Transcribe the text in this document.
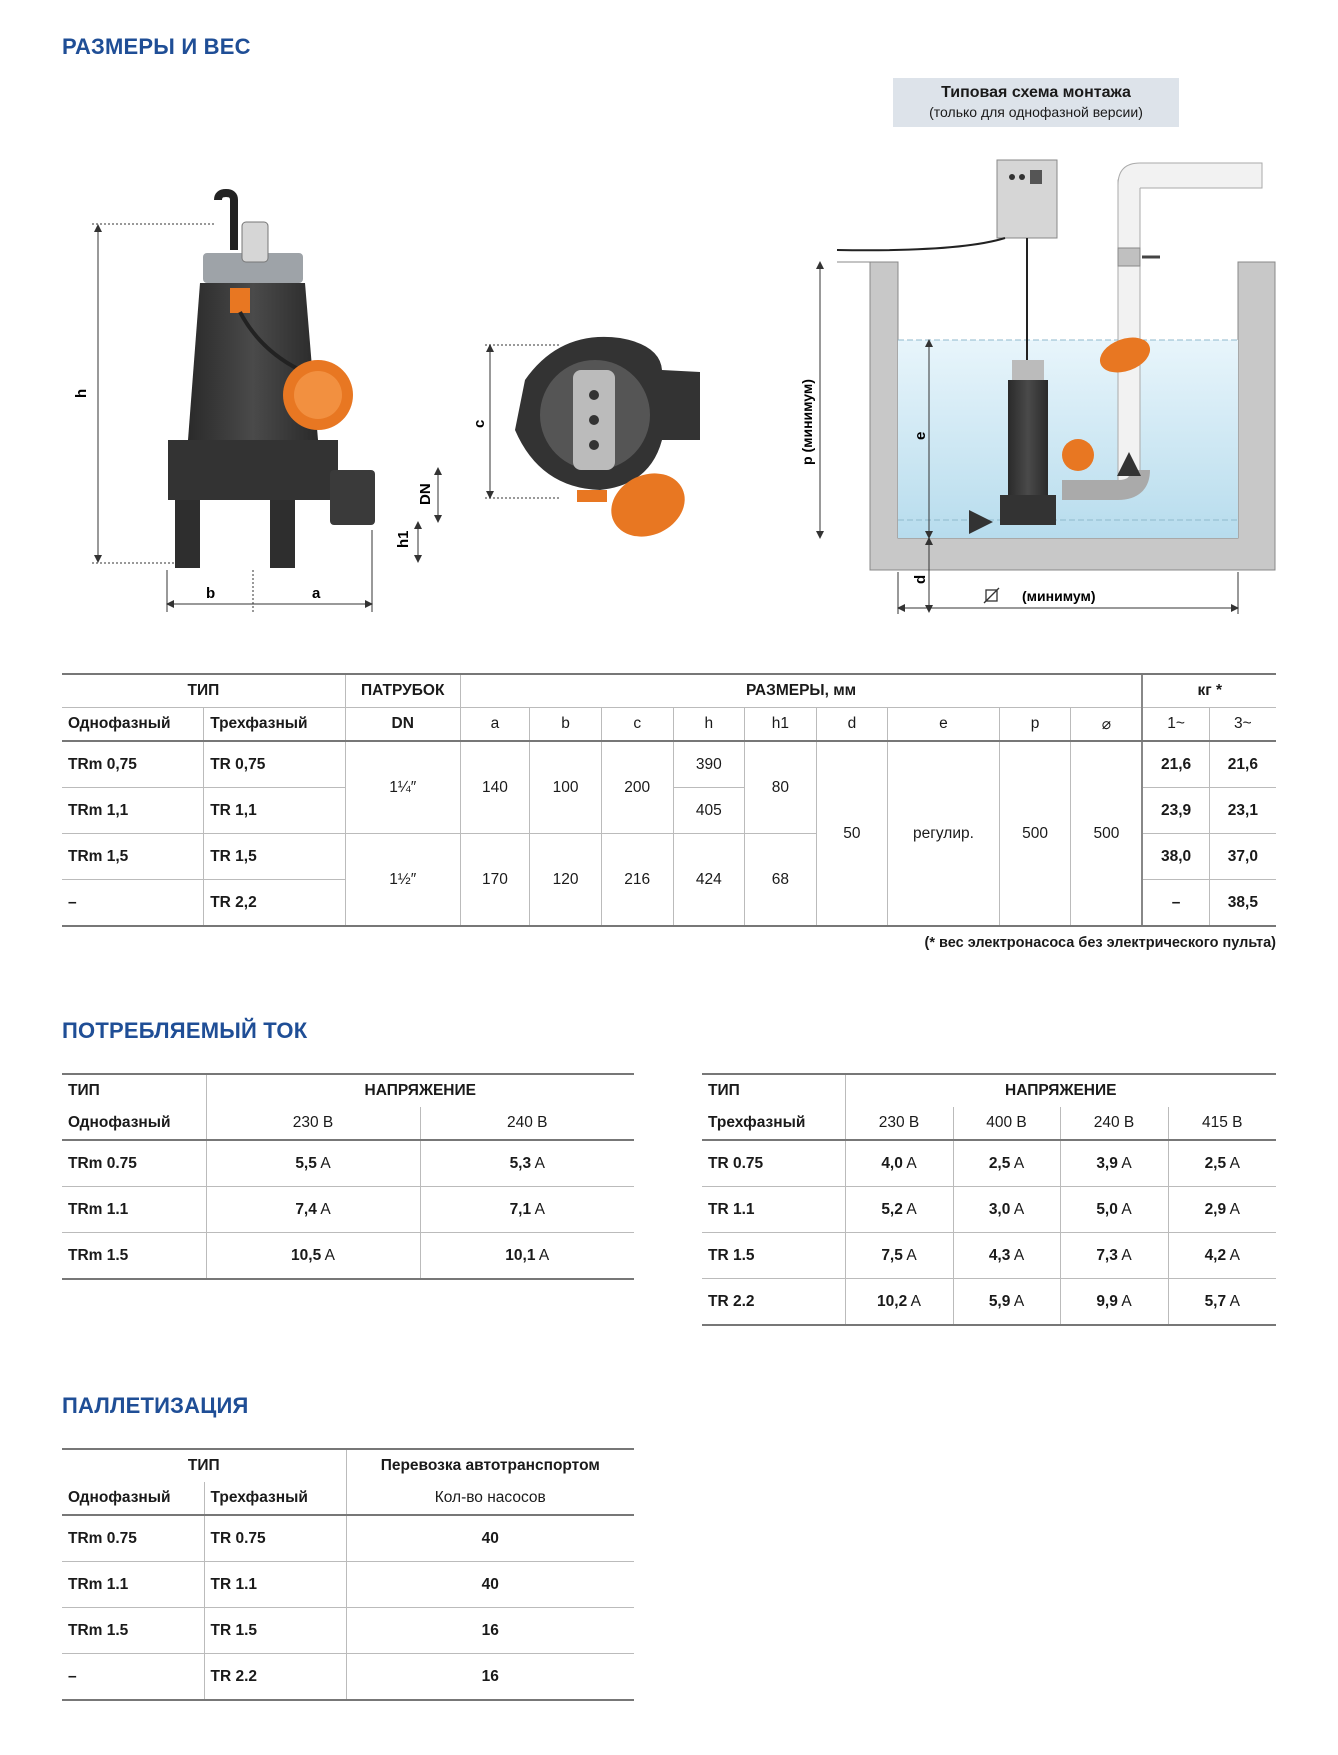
РАЗМЕРЫ И ВЕС
h
b	a
h1
DN
c	p (минимум)	e
d
(минимум)
Типовая схема монтажа
(только для однофазной версии)
ТИП		ПАТРУБОК	РАЗМЕРЫ, мм									кг *	
Однофазный	Трехфазный	DN	a	b	c	h	h1	d	e	p	⌀	1~	3~
TRm 0,75	TR 0,75	1¼″	140	100	200	390	80	50	регулир.	500	500	21,6	21,6
TRm 1,1	TR 1,1					405						23,9	23,1
TRm 1,5	TR 1,5	1½″	170	120	216	424	68					38,0	37,0
–	TR 2,2											–	38,5
(* вес электронасоса без электрического пульта)
ПОТРЕБЛЯЕМЫЙ ТОК
ТИП	НАПРЯЖЕНИЕ	
Однофазный	230 В	240 В
TRm 0.75	5,5 A	5,3 A
TRm 1.1	7,4 A	7,1 A
TRm 1.5	10,5 A	10,1 A
ТИП	НАПРЯЖЕНИЕ			
Трехфазный	230 В	400 В	240 В	415 В
TR 0.75	4,0 A	2,5 A	3,9 A	2,5 A
TR 1.1	5,2 A	3,0 A	5,0 A	2,9 A
TR 1.5	7,5 A	4,3 A	7,3 A	4,2 A
TR 2.2	10,2 A	5,9 A	9,9 A	5,7 A
ПАЛЛЕТИЗАЦИЯ
ТИП		Перевозка автотранспортом
Однофазный	Трехфазный	Кол-во насосов
TRm 0.75	TR 0.75	40
TRm 1.1	TR 1.1	40
TRm 1.5	TR 1.5	16
–	TR 2.2	16
